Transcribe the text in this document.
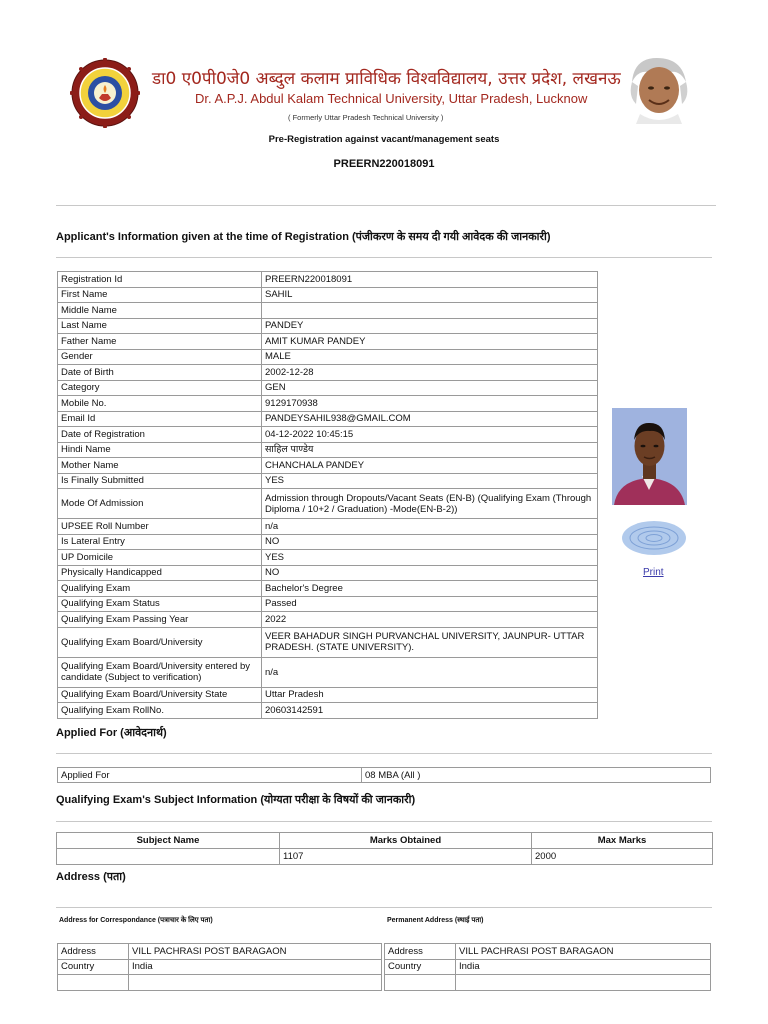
डा0 ए0पी0जे0 अब्दुल कलाम प्राविधिक विश्वविद्यालय, उत्तर प्रदेश, लखनऊ
Dr. A.P.J. Abdul Kalam Technical University, Uttar Pradesh, Lucknow
( Formerly Uttar Pradesh Technical University )
Pre-Registration against vacant/management seats
PREERN220018091
Applicant's Information given at the time of Registration (पंजीकरण के समय दी गयी आवेदक की जानकारी)
Registration Id	PREERN220018091
First Name	SAHIL
Middle Name	
Last Name	PANDEY
Father Name	AMIT KUMAR PANDEY
Gender	MALE
Date of Birth	2002-12-28
Category	GEN
Mobile No.	9129170938
Email Id	PANDEYSAHIL938@GMAIL.COM
Date of Registration	04-12-2022 10:45:15
Hindi Name	साहिल पाण्डेय
Mother Name	CHANCHALA PANDEY
Is Finally Submitted	YES
Mode Of Admission	Admission through Dropouts/Vacant Seats (EN-B) (Qualifying Exam (Through Diploma / 10+2 / Graduation) -Mode(EN-B-2))
UPSEE Roll Number	n/a
Is Lateral Entry	NO
UP Domicile	YES
Physically Handicapped	NO
Qualifying Exam	Bachelor's Degree
Qualifying Exam Status	Passed
Qualifying Exam Passing Year	2022
Qualifying Exam Board/University	VEER BAHADUR SINGH PURVANCHAL UNIVERSITY, JAUNPUR- UTTAR PRADESH. (STATE UNIVERSITY).
Qualifying Exam Board/University entered by candidate (Subject to verification)	n/a
Qualifying Exam Board/University State	Uttar Pradesh
Qualifying Exam RollNo.	20603142591
Print
Applied For (आवेदनार्थ)
Applied For	08 MBA (All )
Qualifying Exam's Subject Information (योग्यता परीक्षा के विषयों की जानकारी)
Subject Name	Marks Obtained	Max Marks
	1107	2000
Address (पता)
Address for Correspondance (पत्राचार के लिए पता)	Permanent Address (स्थाई पता)
Address	VILL PACHRASI POST BARAGAON
Country	India

Address	VILL PACHRASI POST BARAGAON
Country	India
